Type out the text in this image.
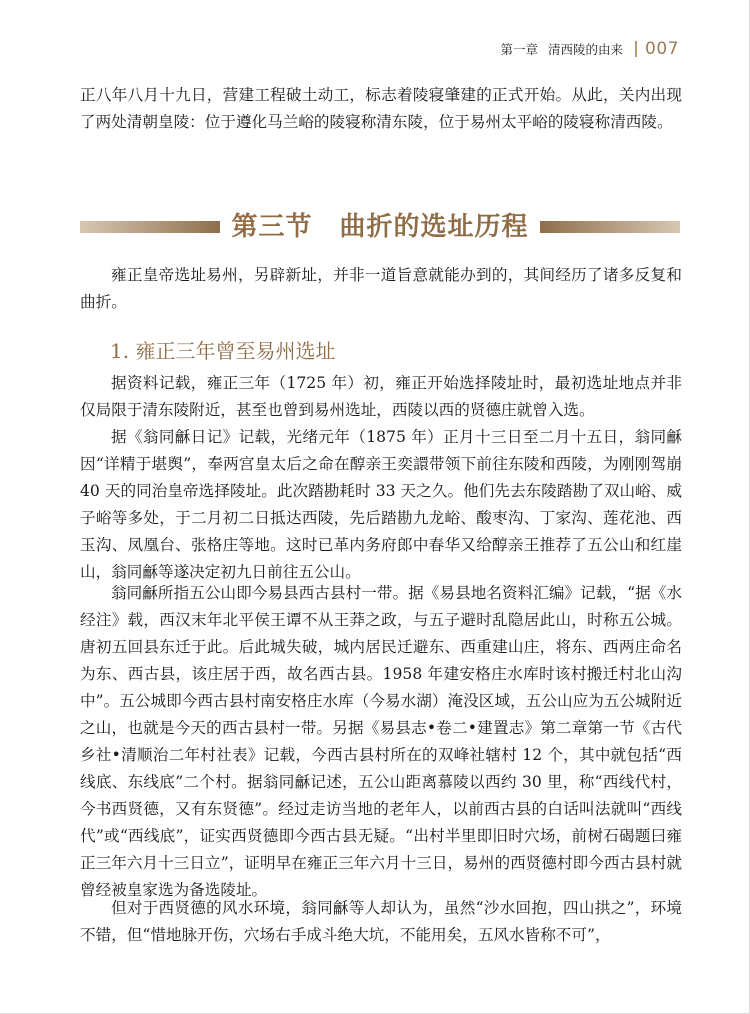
第一章 清西陵的由来 007

正八年八月十九日，营建工程破土动工，标志着陵寝肇建的正式开始。从此，关内出现了两处清朝皇陵：位于遵化马兰峪的陵寝称清东陵，位于易州太平峪的陵寝称清西陵。

第三节　曲折的选址历程

雍正皇帝选址易州，另辟新址，并非一道旨意就能办到的，其间经历了诸多反复和曲折。

1. 雍正三年曾至易州选址

据资料记载，雍正三年（1725 年）初，雍正开始选择陵址时，最初选址地点并非仅局限于清东陵附近，甚至也曾到易州选址，西陵以西的贤德庄就曾入选。

据《翁同龢日记》记载，光绪元年（1875 年）正月十三日至二月十五日，翁同龢因“详精于堪舆”，奉两宫皇太后之命在醇亲王奕譞带领下前往东陵和西陵，为刚刚驾崩 40 天的同治皇帝选择陵址。此次踏勘耗时 33 天之久。他们先去东陵踏勘了双山峪、威子峪等多处，于二月初二日抵达西陵，先后踏勘九龙峪、酸枣沟、丁家沟、莲花池、西玉沟、凤凰台、张格庄等地。这时已革内务府郎中春华又给醇亲王推荐了五公山和红崖山，翁同龢等遂决定初九日前往五公山。

翁同龢所指五公山即今易县西古县村一带。据《易县地名资料汇编》记载，“据《水经注》载，西汉末年北平侯王谭不从王莽之政，与五子避时乱隐居此山，时称五公城。唐初五回县东迁于此。后此城失破，城内居民迁避东、西重建山庄，将东、西两庄命名为东、西古县，该庄居于西，故名西古县。1958 年建安格庄水库时该村搬迁村北山沟中”。五公城即今西古县村南安格庄水库（今易水湖）淹没区域，五公山应为五公城附近之山，也就是今天的西古县村一带。另据《易县志•卷二•建置志》第二章第一节《古代乡社•清顺治二年村社表》记载，今西古县村所在的双峰社辖村 12 个，其中就包括“西线底、东线底”二个村。据翁同龢记述，五公山距离慕陵以西约 30 里，称“西线代村，今书西贤德，又有东贤德”。经过走访当地的老年人，以前西古县的白话叫法就叫“西线代”或“西线底”，证实西贤德即今西古县无疑。“出村半里即旧时穴场，前树石碣题曰雍正三年六月十三日立”，证明早在雍正三年六月十三日，易州的西贤德村即今西古县村就曾经被皇家选为备选陵址。

但对于西贤德的风水环境，翁同龢等人却认为，虽然“沙水回抱，四山拱之”，环境不错，但“惜地脉开伤，穴场右手成斗绝大坑，不能用矣，五风水皆称不可”，
